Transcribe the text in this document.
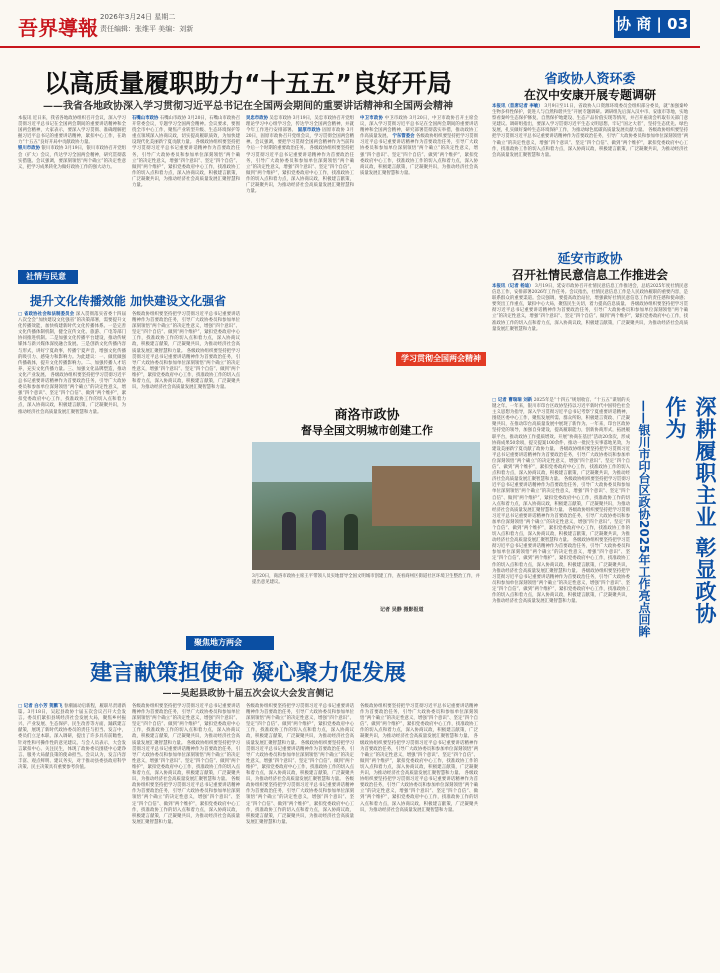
吾界導報 2026年3月24日 星期二
责任编辑：张维平 美编：刘新	协 商 | 03
以高质量履职助力“十五五”良好开局
——我省各地政协深入学习贯彻习近平总书记在全国两会期间的重要讲话精神和全国两会精神
本报讯 近日来，我省各地政协组织召开会议，深入学习贯彻习近平总书记在全国两会期间的重要讲话精神和全国两会精神，大家表示，要深入学习贯彻、准确理解把握习近平总书记的重要讲话精神，紧扣中心工作，在助力“十五五”良好开局中贡献政协力量。
银川市政协 银川市政协 3月19日，银川市政协召开党组会（扩大）会议，传达学习全国两会精神，研究贯彻落实措施。会议强调，要深刻领悟“两个确立”的决定性意义，把学习成果转化为做好政协工作的强大动力。
石嘴山市政协 石嘴山市政协 3月20日，石嘴山市政协召开常委会议，专题学习全国两会精神。会议要求，要围绕全市中心工作，聚焦产业转型升级、生态环境保护等重点领域深入协商议政，切实提高履职质效，为加快建设现代化美丽新宁夏贡献力量。 各级政协组织要坚持把学习贯彻习近平总书记重要讲话精神作为首要政治任务，引导广大政协委员和参加单位深刻领悟“两个确立”的决定性意义，增强“四个意识”、坚定“四个自信”、做到“两个维护”，紧扣党委政府中心工作，找准政协工作的切入点和着力点，深入协商议政，积极建言献策，广泛凝聚共识，为推动经济社会高质量发展汇聚智慧和力量。
吴忠市政协 吴忠市政协 3月19日，吴忠市政协召开党组理论学习中心组学习会，传达学习全国两会精神，并就今年工作进行安排部署。 固原市政协 固原市政协 3月20日，固原市政协召开党组会议，学习贯彻全国两会精神。会议强调，要把学习贯彻全国两会精神作为当前和今后一个时期的重要政治任务。 各级政协组织要坚持把学习贯彻习近平总书记重要讲话精神作为首要政治任务，引导广大政协委员和参加单位深刻领悟“两个确立”的决定性意义，增强“四个意识”、坚定“四个自信”、做到“两个维护”，紧扣党委政府中心工作，找准政协工作的切入点和着力点，深入协商议政，积极建言献策，广泛凝聚共识，为推动经济社会高质量发展汇聚智慧和力量。
中卫市政协 中卫市政协 3月20日，中卫市政协召开主席会议，深入学习贯彻习近平总书记在全国两会期间的重要讲话精神和全国两会精神，研究部署贯彻落实举措，推动政协工作高质量发展。 宁东管委会 各级政协组织要坚持把学习贯彻习近平总书记重要讲话精神作为首要政治任务，引导广大政协委员和参加单位深刻领悟“两个确立”的决定性意义，增强“四个意识”、坚定“四个自信”、做到“两个维护”，紧扣党委政府中心工作，找准政协工作的切入点和着力点，深入协商议政，积极建言献策，广泛凝聚共识，为推动经济社会高质量发展汇聚智慧和力量。
省政协人资环委
在汉中安康开展专题调研
本报讯（首席记者 李敏） 3月9日至11日，省政协人口资源环境委员会组织部分委员，就“加强秦岭生物多样性保护，促进人与自然和谐共生”开展专题调研。调研组先后深入汉中市、安康市等地，实地察看秦岭生态保护修复、自然保护地建设、生态产品价值实现等情况，并召开座谈会听取有关部门意见建议。调研组指出，要深入学习贯彻习近平生态文明思想，牢记“国之大者”，坚持生态优先、绿色发展，扎实做好秦岭生态环境保护工作，为推动绿色低碳高质量发展贡献力量。 各级政协组织要坚持把学习贯彻习近平总书记重要讲话精神作为首要政治任务，引导广大政协委员和参加单位深刻领悟“两个确立”的决定性意义，增强“四个意识”、坚定“四个自信”、做到“两个维护”，紧扣党委政府中心工作，找准政协工作的切入点和着力点，深入协商议政，积极建言献策，广泛凝聚共识，为推动经济社会高质量发展汇聚智慧和力量。
延安市政协
召开社情民意信息工作推进会
本报讯（记者 杨迪） 3月19日，延安市政协召开社情民意信息工作推进会，总结2025年度社情民意信息工作，安排部署2026年工作任务。会议指出，社情民意信息工作是人民政协履职的重要内容，是联系群众的重要渠道。会议强调，要提高政治站位，增强做好社情民意信息工作的责任感和使命感；要突出工作重点，紧扣中心大局，聚焦民生关切，着力提高信息质量。 各级政协组织要坚持把学习贯彻习近平总书记重要讲话精神作为首要政治任务，引导广大政协委员和参加单位深刻领悟“两个确立”的决定性意义，增强“四个意识”、坚定“四个自信”、做到“两个维护”，紧扣党委政府中心工作，找准政协工作的切入点和着力点，深入协商议政，积极建言献策，广泛凝聚共识，为推动经济社会高质量发展汇聚智慧和力量。
学习贯彻全国两会精神
社情与民意
提升文化传播效能 加快建设文化强省
□ 省政协社会和法制委员会 深入贯彻落实省委十四届八次全会“加快建设文化强省”的决策部署，需要提升文化传播效能，加快构建新时代文化传播体系。一是完善文化传播体制机制，健全宣传文化、旅游、广电等部门协同推进机制。二是加强文化传播平台建设，推动传统媒体与新兴媒体深度融合发展。三是创新文化传播内容与形式，讲好宁夏故事，传播宁夏声音，增强文化传播的吸引力、感染力和影响力。为此建议：一、做优做强传播载体，提升文化传播影响力。二、加强传播人才培养，充实文化传播力量。三、加强文化品牌塑造，推动文化产业发展。 各级政协组织要坚持把学习贯彻习近平总书记重要讲话精神作为首要政治任务，引导广大政协委员和参加单位深刻领悟“两个确立”的决定性意义，增强“四个意识”、坚定“四个自信”、做到“两个维护”，紧扣党委政府中心工作，找准政协工作的切入点和着力点，深入协商议政，积极建言献策，广泛凝聚共识，为推动经济社会高质量发展汇聚智慧和力量。
各级政协组织要坚持把学习贯彻习近平总书记重要讲话精神作为首要政治任务，引导广大政协委员和参加单位深刻领悟“两个确立”的决定性意义，增强“四个意识”、坚定“四个自信”、做到“两个维护”，紧扣党委政府中心工作，找准政协工作的切入点和着力点，深入协商议政，积极建言献策，广泛凝聚共识，为推动经济社会高质量发展汇聚智慧和力量。 各级政协组织要坚持把学习贯彻习近平总书记重要讲话精神作为首要政治任务，引导广大政协委员和参加单位深刻领悟“两个确立”的决定性意义，增强“四个意识”、坚定“四个自信”、做到“两个维护”，紧扣党委政府中心工作，找准政协工作的切入点和着力点，深入协商议政，积极建言献策，广泛凝聚共识，为推动经济社会高质量发展汇聚智慧和力量。
商洛市政协
督导全国文明城市创建工作
3月20日，商洛市政协主席王平带领人员实地督导全国文明城市创建工作，查看商州区街道社区环境卫生整治工作，并提出意见建议。
记者 吴静 摄影报道	深耕履职主业 彰显政协作为
——银川市印台区政协2025年工作亮点回眸
□ 记者 曹瑞瑞 刘新 2025年是“十四五”规划收官、“十五五”谋划的关键之年。一年来，银川市印台区政协坚持以习近平新时代中国特色社会主义思想为指导，深入学习贯彻习近平总书记考察宁夏重要讲话精神，围绕区委中心工作，聚焦发展所需、群众所盼，积极建言资政、广泛凝聚共识，在推动印台高质量发展中展现了新作为。一年来，印台区政协坚持党的领导，加强自身建设，提高履职能力，创新协商形式，拓展履职平台，推动政协工作提质增效。开展“协商在基层”活动20余次，形成协商成果50余项，提交提案100余件，推动一批民生实事落地见效，为建设美丽新宁夏贡献了政协力量。 各级政协组织要坚持把学习贯彻习近平总书记重要讲话精神作为首要政治任务，引导广大政协委员和参加单位深刻领悟“两个确立”的决定性意义，增强“四个意识”、坚定“四个自信”、做到“两个维护”，紧扣党委政府中心工作，找准政协工作的切入点和着力点，深入协商议政，积极建言献策，广泛凝聚共识，为推动经济社会高质量发展汇聚智慧和力量。 各级政协组织要坚持把学习贯彻习近平总书记重要讲话精神作为首要政治任务，引导广大政协委员和参加单位深刻领悟“两个确立”的决定性意义，增强“四个意识”、坚定“四个自信”、做到“两个维护”，紧扣党委政府中心工作，找准政协工作的切入点和着力点，深入协商议政，积极建言献策，广泛凝聚共识，为推动经济社会高质量发展汇聚智慧和力量。 各级政协组织要坚持把学习贯彻习近平总书记重要讲话精神作为首要政治任务，引导广大政协委员和参加单位深刻领悟“两个确立”的决定性意义，增强“四个意识”、坚定“四个自信”、做到“两个维护”，紧扣党委政府中心工作，找准政协工作的切入点和着力点，深入协商议政，积极建言献策，广泛凝聚共识，为推动经济社会高质量发展汇聚智慧和力量。 各级政协组织要坚持把学习贯彻习近平总书记重要讲话精神作为首要政治任务，引导广大政协委员和参加单位深刻领悟“两个确立”的决定性意义，增强“四个意识”、坚定“四个自信”、做到“两个维护”，紧扣党委政府中心工作，找准政协工作的切入点和着力点，深入协商议政，积极建言献策，广泛凝聚共识，为推动经济社会高质量发展汇聚智慧和力量。 各级政协组织要坚持把学习贯彻习近平总书记重要讲话精神作为首要政治任务，引导广大政协委员和参加单位深刻领悟“两个确立”的决定性意义，增强“四个意识”、坚定“四个自信”、做到“两个维护”，紧扣党委政府中心工作，找准政协工作的切入点和着力点，深入协商议政，积极建言献策，广泛凝聚共识，为推动经济社会高质量发展汇聚智慧和力量。
聚焦地方两会
建言献策担使命 凝心聚力促发展
——吴起县政协十届五次会议大会发言侧记
□ 记者 白小芳 贺鹏飞 春潮涌动启新程，履职尽责谱新篇。3月18日，吴起县政协十届五次会议召开大会发言。委员们紧扣县域经济社会发展大局，聚焦乡村振兴、产业发展、生态保护、民生改善等方面，踊跃建言献策，展现了新时代政协委员的责任与担当。发言中，委员们立足本职、深入调研，提出了许多具有前瞻性、针对性和可操作性的意见建议。与会人员表示，大会发言紧扣中心、关注民生，体现了政协委员围绕中心建诤言、服务大局献良策的使命担当。会议认为，发言内容丰富、观点鲜明、建议务实，对于推动县委县政府科学决策、民主决策具有重要参考价值。
各级政协组织要坚持把学习贯彻习近平总书记重要讲话精神作为首要政治任务，引导广大政协委员和参加单位深刻领悟“两个确立”的决定性意义，增强“四个意识”、坚定“四个自信”、做到“两个维护”，紧扣党委政府中心工作，找准政协工作的切入点和着力点，深入协商议政，积极建言献策，广泛凝聚共识，为推动经济社会高质量发展汇聚智慧和力量。 各级政协组织要坚持把学习贯彻习近平总书记重要讲话精神作为首要政治任务，引导广大政协委员和参加单位深刻领悟“两个确立”的决定性意义，增强“四个意识”、坚定“四个自信”、做到“两个维护”，紧扣党委政府中心工作，找准政协工作的切入点和着力点，深入协商议政，积极建言献策，广泛凝聚共识，为推动经济社会高质量发展汇聚智慧和力量。 各级政协组织要坚持把学习贯彻习近平总书记重要讲话精神作为首要政治任务，引导广大政协委员和参加单位深刻领悟“两个确立”的决定性意义，增强“四个意识”、坚定“四个自信”、做到“两个维护”，紧扣党委政府中心工作，找准政协工作的切入点和着力点，深入协商议政，积极建言献策，广泛凝聚共识，为推动经济社会高质量发展汇聚智慧和力量。
各级政协组织要坚持把学习贯彻习近平总书记重要讲话精神作为首要政治任务，引导广大政协委员和参加单位深刻领悟“两个确立”的决定性意义，增强“四个意识”、坚定“四个自信”、做到“两个维护”，紧扣党委政府中心工作，找准政协工作的切入点和着力点，深入协商议政，积极建言献策，广泛凝聚共识，为推动经济社会高质量发展汇聚智慧和力量。 各级政协组织要坚持把学习贯彻习近平总书记重要讲话精神作为首要政治任务，引导广大政协委员和参加单位深刻领悟“两个确立”的决定性意义，增强“四个意识”、坚定“四个自信”、做到“两个维护”，紧扣党委政府中心工作，找准政协工作的切入点和着力点，深入协商议政，积极建言献策，广泛凝聚共识，为推动经济社会高质量发展汇聚智慧和力量。 各级政协组织要坚持把学习贯彻习近平总书记重要讲话精神作为首要政治任务，引导广大政协委员和参加单位深刻领悟“两个确立”的决定性意义，增强“四个意识”、坚定“四个自信”、做到“两个维护”，紧扣党委政府中心工作，找准政协工作的切入点和着力点，深入协商议政，积极建言献策，广泛凝聚共识，为推动经济社会高质量发展汇聚智慧和力量。
各级政协组织要坚持把学习贯彻习近平总书记重要讲话精神作为首要政治任务，引导广大政协委员和参加单位深刻领悟“两个确立”的决定性意义，增强“四个意识”、坚定“四个自信”、做到“两个维护”，紧扣党委政府中心工作，找准政协工作的切入点和着力点，深入协商议政，积极建言献策，广泛凝聚共识，为推动经济社会高质量发展汇聚智慧和力量。 各级政协组织要坚持把学习贯彻习近平总书记重要讲话精神作为首要政治任务，引导广大政协委员和参加单位深刻领悟“两个确立”的决定性意义，增强“四个意识”、坚定“四个自信”、做到“两个维护”，紧扣党委政府中心工作，找准政协工作的切入点和着力点，深入协商议政，积极建言献策，广泛凝聚共识，为推动经济社会高质量发展汇聚智慧和力量。 各级政协组织要坚持把学习贯彻习近平总书记重要讲话精神作为首要政治任务，引导广大政协委员和参加单位深刻领悟“两个确立”的决定性意义，增强“四个意识”、坚定“四个自信”、做到“两个维护”，紧扣党委政府中心工作，找准政协工作的切入点和着力点，深入协商议政，积极建言献策，广泛凝聚共识，为推动经济社会高质量发展汇聚智慧和力量。
